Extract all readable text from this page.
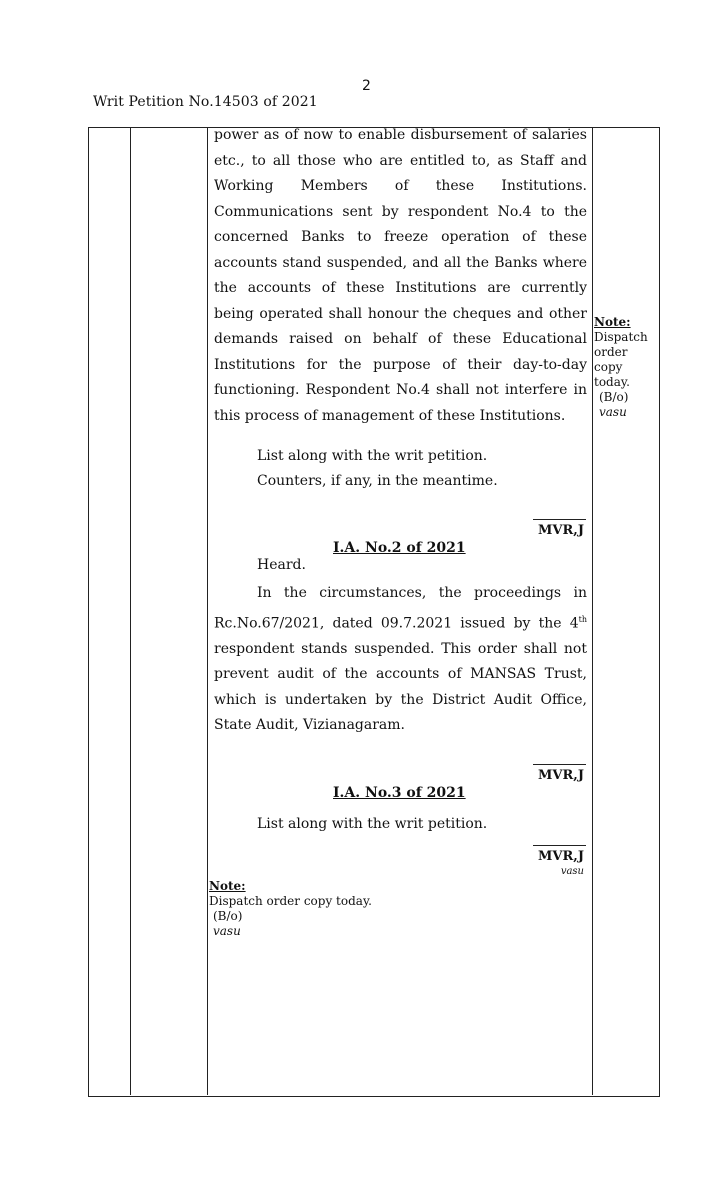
2
Writ Petition No.14503 of 2021

power as of now to enable disbursement of salaries

etc., to all those who are entitled to, as Staff and

Working Members of these Institutions.

Communications sent by respondent No.4 to the

concerned Banks to freeze operation of these

accounts stand suspended, and all the Banks where

the accounts of these Institutions are currently

being operated shall honour the cheques and other

demands raised on behalf of these Educational

Institutions for the purpose of their day-to-day

functioning. Respondent No.4 shall not interfere in

this process of management of these Institutions.

List along with the writ petition.
Counters, if any, in the meantime.
MVR,J
I.A. No.2 of 2021
Heard.

In the circumstances, the proceedings in

Rc.No.67/2021, dated 09.7.2021 issued by the 4th

respondent stands suspended. This order shall not

prevent audit of the accounts of MANSAS Trust,

which is undertaken by the District Audit Office,

State Audit, Vizianagaram.

MVR,J
I.A. No.3 of 2021
List along with the writ petition.
MVR,J
vasu
Note:
Dispatch
order
copy
today.
(B/o)
vasu
Note:
Dispatch order copy today.
(B/o)
vasu
